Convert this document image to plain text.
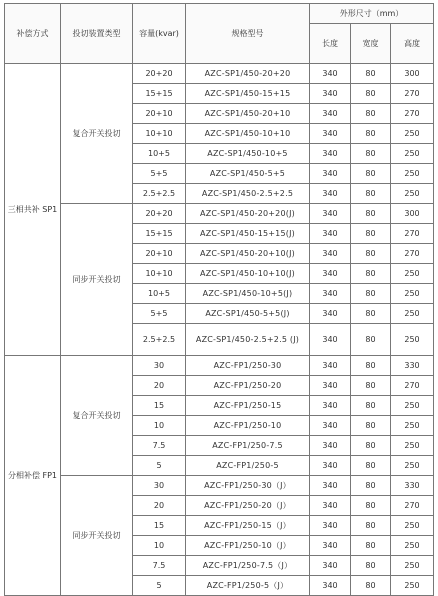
补偿方式	投切装置类型	容量(kvar)	规格型号	外形尺寸（mm）		
				长度	宽度	高度
三相共补 SP1	复合开关投切	20+20	AZC-SP1/450-20+20	340	80	300
		15+15	AZC-SP1/450-15+15	340	80	270
		20+10	AZC-SP1/450-20+10	340	80	270
		10+10	AZC-SP1/450-10+10	340	80	250
		10+5	AZC-SP1/450-10+5	340	80	250
		5+5	AZC-SP1/450-5+5	340	80	250
		2.5+2.5	AZC-SP1/450-2.5+2.5	340	80	250
	同步开关投切	20+20	AZC-SP1/450-20+20(J)	340	80	300
		15+15	AZC-SP1/450-15+15(J)	340	80	270
		20+10	AZC-SP1/450-20+10(J)	340	80	270
		10+10	AZC-SP1/450-10+10(J)	340	80	250
		10+5	AZC-SP1/450-10+5(J)	340	80	250
		5+5	AZC-SP1/450-5+5(J)	340	80	250
		2.5+2.5	AZC-SP1/450-2.5+2.5 (J)	340	80	250
分相补偿 FP1	复合开关投切	30	AZC-FP1/250-30	340	80	330
		20	AZC-FP1/250-20	340	80	270
		15	AZC-FP1/250-15	340	80	250
		10	AZC-FP1/250-10	340	80	250
		7.5	AZC-FP1/250-7.5	340	80	250
		5	AZC-FP1/250-5	340	80	250
	同步开关投切	30	AZC-FP1/250-30（J）	340	80	330
		20	AZC-FP1/250-20（J）	340	80	270
		15	AZC-FP1/250-15（J）	340	80	250
		10	AZC-FP1/250-10（J）	340	80	250
		7.5	AZC-FP1/250-7.5（J）	340	80	250
		5	AZC-FP1/250-5（J）	340	80	250
